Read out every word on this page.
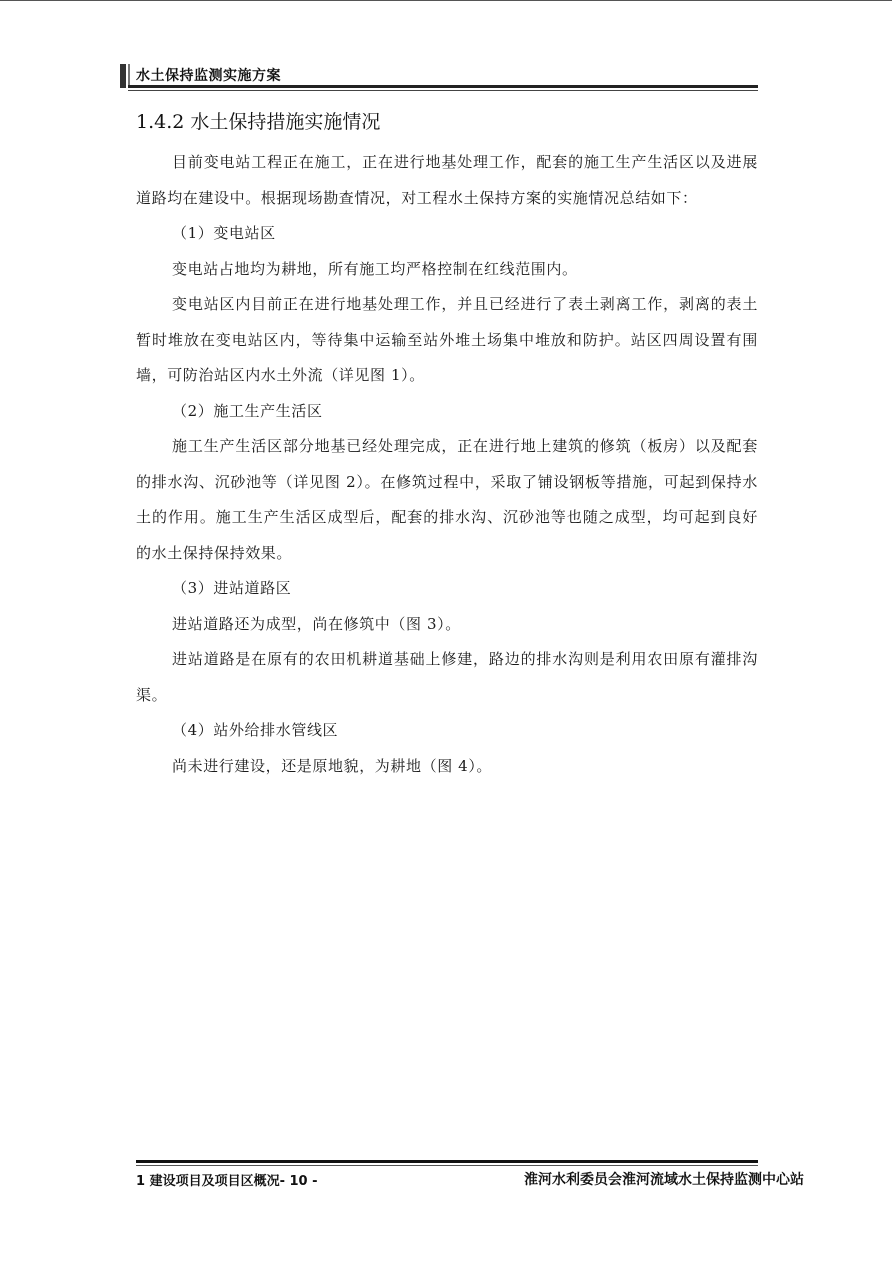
水土保持监测实施方案
1.4.2 水土保持措施实施情况

目前变电站工程正在施工，正在进行地基处理工作，配套的施工生产生活区以及进展道路均在建设中。根据现场勘查情况，对工程水土保持方案的实施情况总结如下：

（1）变电站区

变电站占地均为耕地，所有施工均严格控制在红线范围内。

变电站区内目前正在进行地基处理工作，并且已经进行了表土剥离工作，剥离的表土暂时堆放在变电站区内，等待集中运输至站外堆土场集中堆放和防护。站区四周设置有围墙，可防治站区内水土外流（详见图 1）。

（2）施工生产生活区

施工生产生活区部分地基已经处理完成，正在进行地上建筑的修筑（板房）以及配套的排水沟、沉砂池等（详见图 2）。在修筑过程中，采取了铺设钢板等措施，可起到保持水土的作用。施工生产生活区成型后，配套的排水沟、沉砂池等也随之成型，均可起到良好的水土保持保持效果。

（3）进站道路区

进站道路还为成型，尚在修筑中（图 3）。

进站道路是在原有的农田机耕道基础上修建，路边的排水沟则是利用农田原有灌排沟渠。

（4）站外给排水管线区

尚未进行建设，还是原地貌，为耕地（图 4）。

1 建设项目及项目区概况- 10 -	淮河水利委员会淮河流域水土保持监测中心站
